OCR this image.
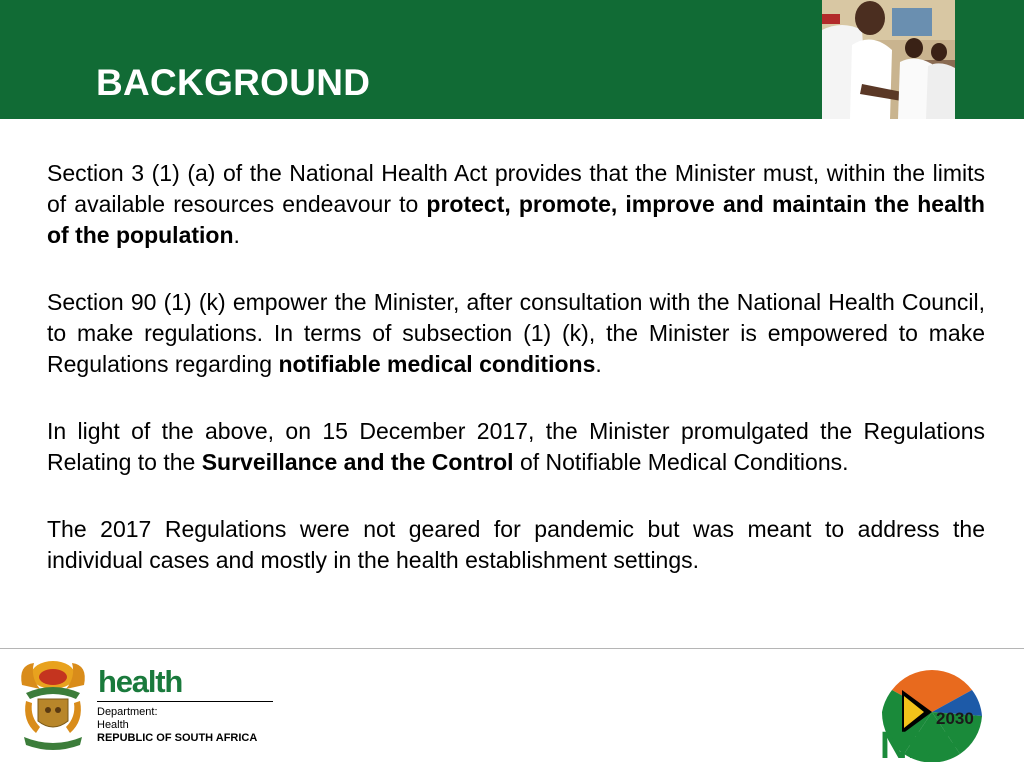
BACKGROUND

Section 3 (1) (a) of the National Health Act provides that the Minister must, within the limits of available resources endeavour to protect, promote, improve and maintain the health of the population.

Section 90 (1) (k) empower the Minister, after consultation with the National Health Council, to make regulations. In terms of subsection (1) (k), the Minister is empowered to make Regulations regarding notifiable medical conditions.

In light of the above, on 15 December 2017, the Minister promulgated the Regulations Relating to the Surveillance and the Control of Notifiable Medical Conditions.

The 2017 Regulations were not geared for pandemic but was meant to address the individual cases and mostly in the health establishment settings.

health

Department:

Health

REPUBLIC OF SOUTH AFRICA

2030
NDP
